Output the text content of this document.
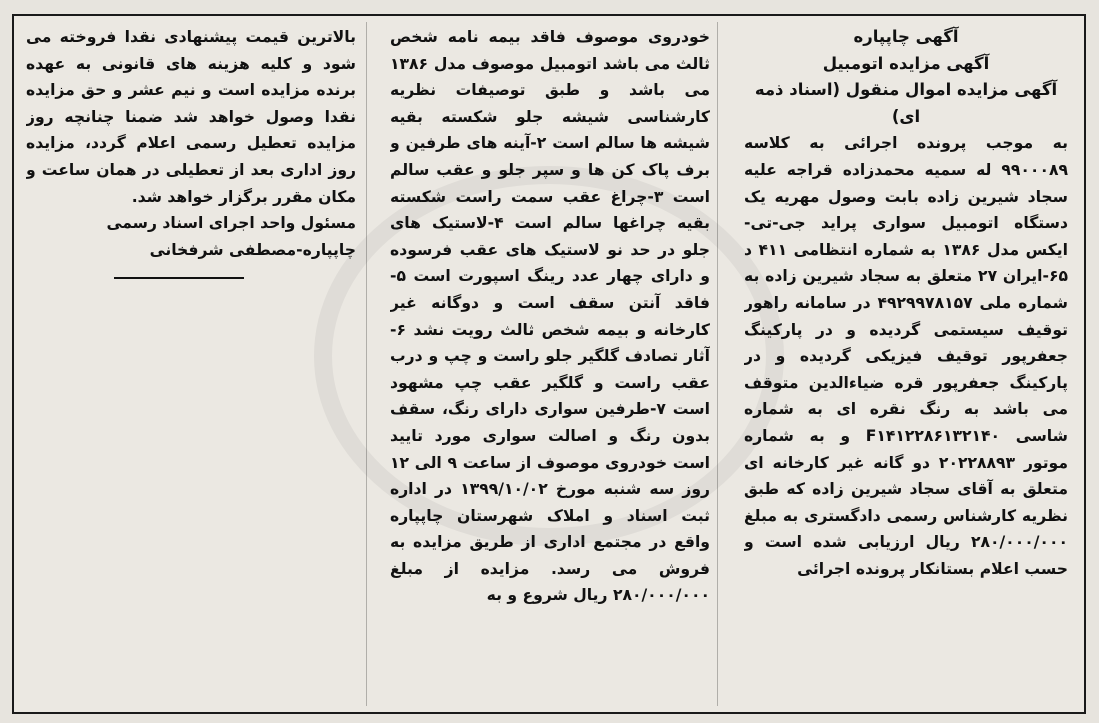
آگهی چاپپاره

آگهی مزایده اتومبیل

آگهی مزایده اموال منقول (اسناد ذمه ای)

به موجب پرونده اجرائی به کلاسه ۹۹۰۰۰۸۹ له سمیه محمدزاده قراجه علیه سجاد شیرین زاده بابت وصول مهریه یک دستگاه اتومبیل سواری پراید جی-تی-ایکس مدل ۱۳۸۶ به شماره انتظامی ۴۱۱ د ۶۵-ایران ۲۷ متعلق به سجاد شیرین زاده به شماره ملی ۴۹۲۹۹۷۸۱۵۷ در سامانه راهور توقیف سیستمی گردیده و در پارکینگ جعفرپور توقیف فیزیکی گردیده و در پارکینگ جعفرپور قره ضیاءالدین متوقف می باشد به رنگ نقره ای به شماره شاسی F۱۴۱۲۲۸۶۱۳۲۱۴۰ و به شماره موتور ۲۰۲۲۸۸۹۳ دو گانه غیر کارخانه ای متعلق به آقای سجاد شیرین زاده که طبق نظریه کارشناس رسمی دادگستری به مبلغ ۲۸۰/۰۰۰/۰۰۰ ریال ارزیابی شده است و حسب اعلام بستانکار پرونده اجرائی

خودروی موصوف فاقد بیمه نامه شخص ثالث می باشد اتومبیل موصوف مدل ۱۳۸۶ می باشد و طبق توصیفات نظریه کارشناسی شیشه جلو شکسته بقیه شیشه ها سالم است ۲-آینه های طرفین و برف پاک کن ها و سپر جلو و عقب سالم است ۳-چراغ عقب سمت راست شکسته بقیه چراغها سالم است ۴-لاستیک های جلو در حد نو لاستیک های عقب فرسوده و دارای چهار عدد رینگ اسپورت است ۵-فاقد آنتن سقف است و دوگانه غیر کارخانه و بیمه شخص ثالث رویت نشد ۶-آثار تصادف گلگیر جلو راست و چپ و درب عقب راست و گلگیر عقب چپ مشهود است ۷-طرفین سواری دارای رنگ، سقف بدون رنگ و اصالت سواری مورد تایید است خودروی موصوف از ساعت ۹ الی ۱۲ روز سه شنبه مورخ ۱۳۹۹/۱۰/۰۲ در اداره ثبت اسناد و املاک شهرستان چاپپاره واقع در مجتمع اداری از طریق مزایده به فروش می رسد. مزایده از مبلغ ۲۸۰/۰۰۰/۰۰۰ ریال شروع و به

بالاترین قیمت پیشنهادی نقدا فروخته می شود و کلیه هزینه های قانونی به عهده برنده مزایده است و نیم عشر و حق مزایده نقدا وصول خواهد شد ضمنا چنانچه روز مزایده تعطیل رسمی اعلام گردد، مزایده روز اداری بعد از تعطیلی در همان ساعت و مکان مقرر برگزار خواهد شد.

مسئول واحد اجرای اسناد رسمی

چاپپاره-مصطفی شرفخانی
